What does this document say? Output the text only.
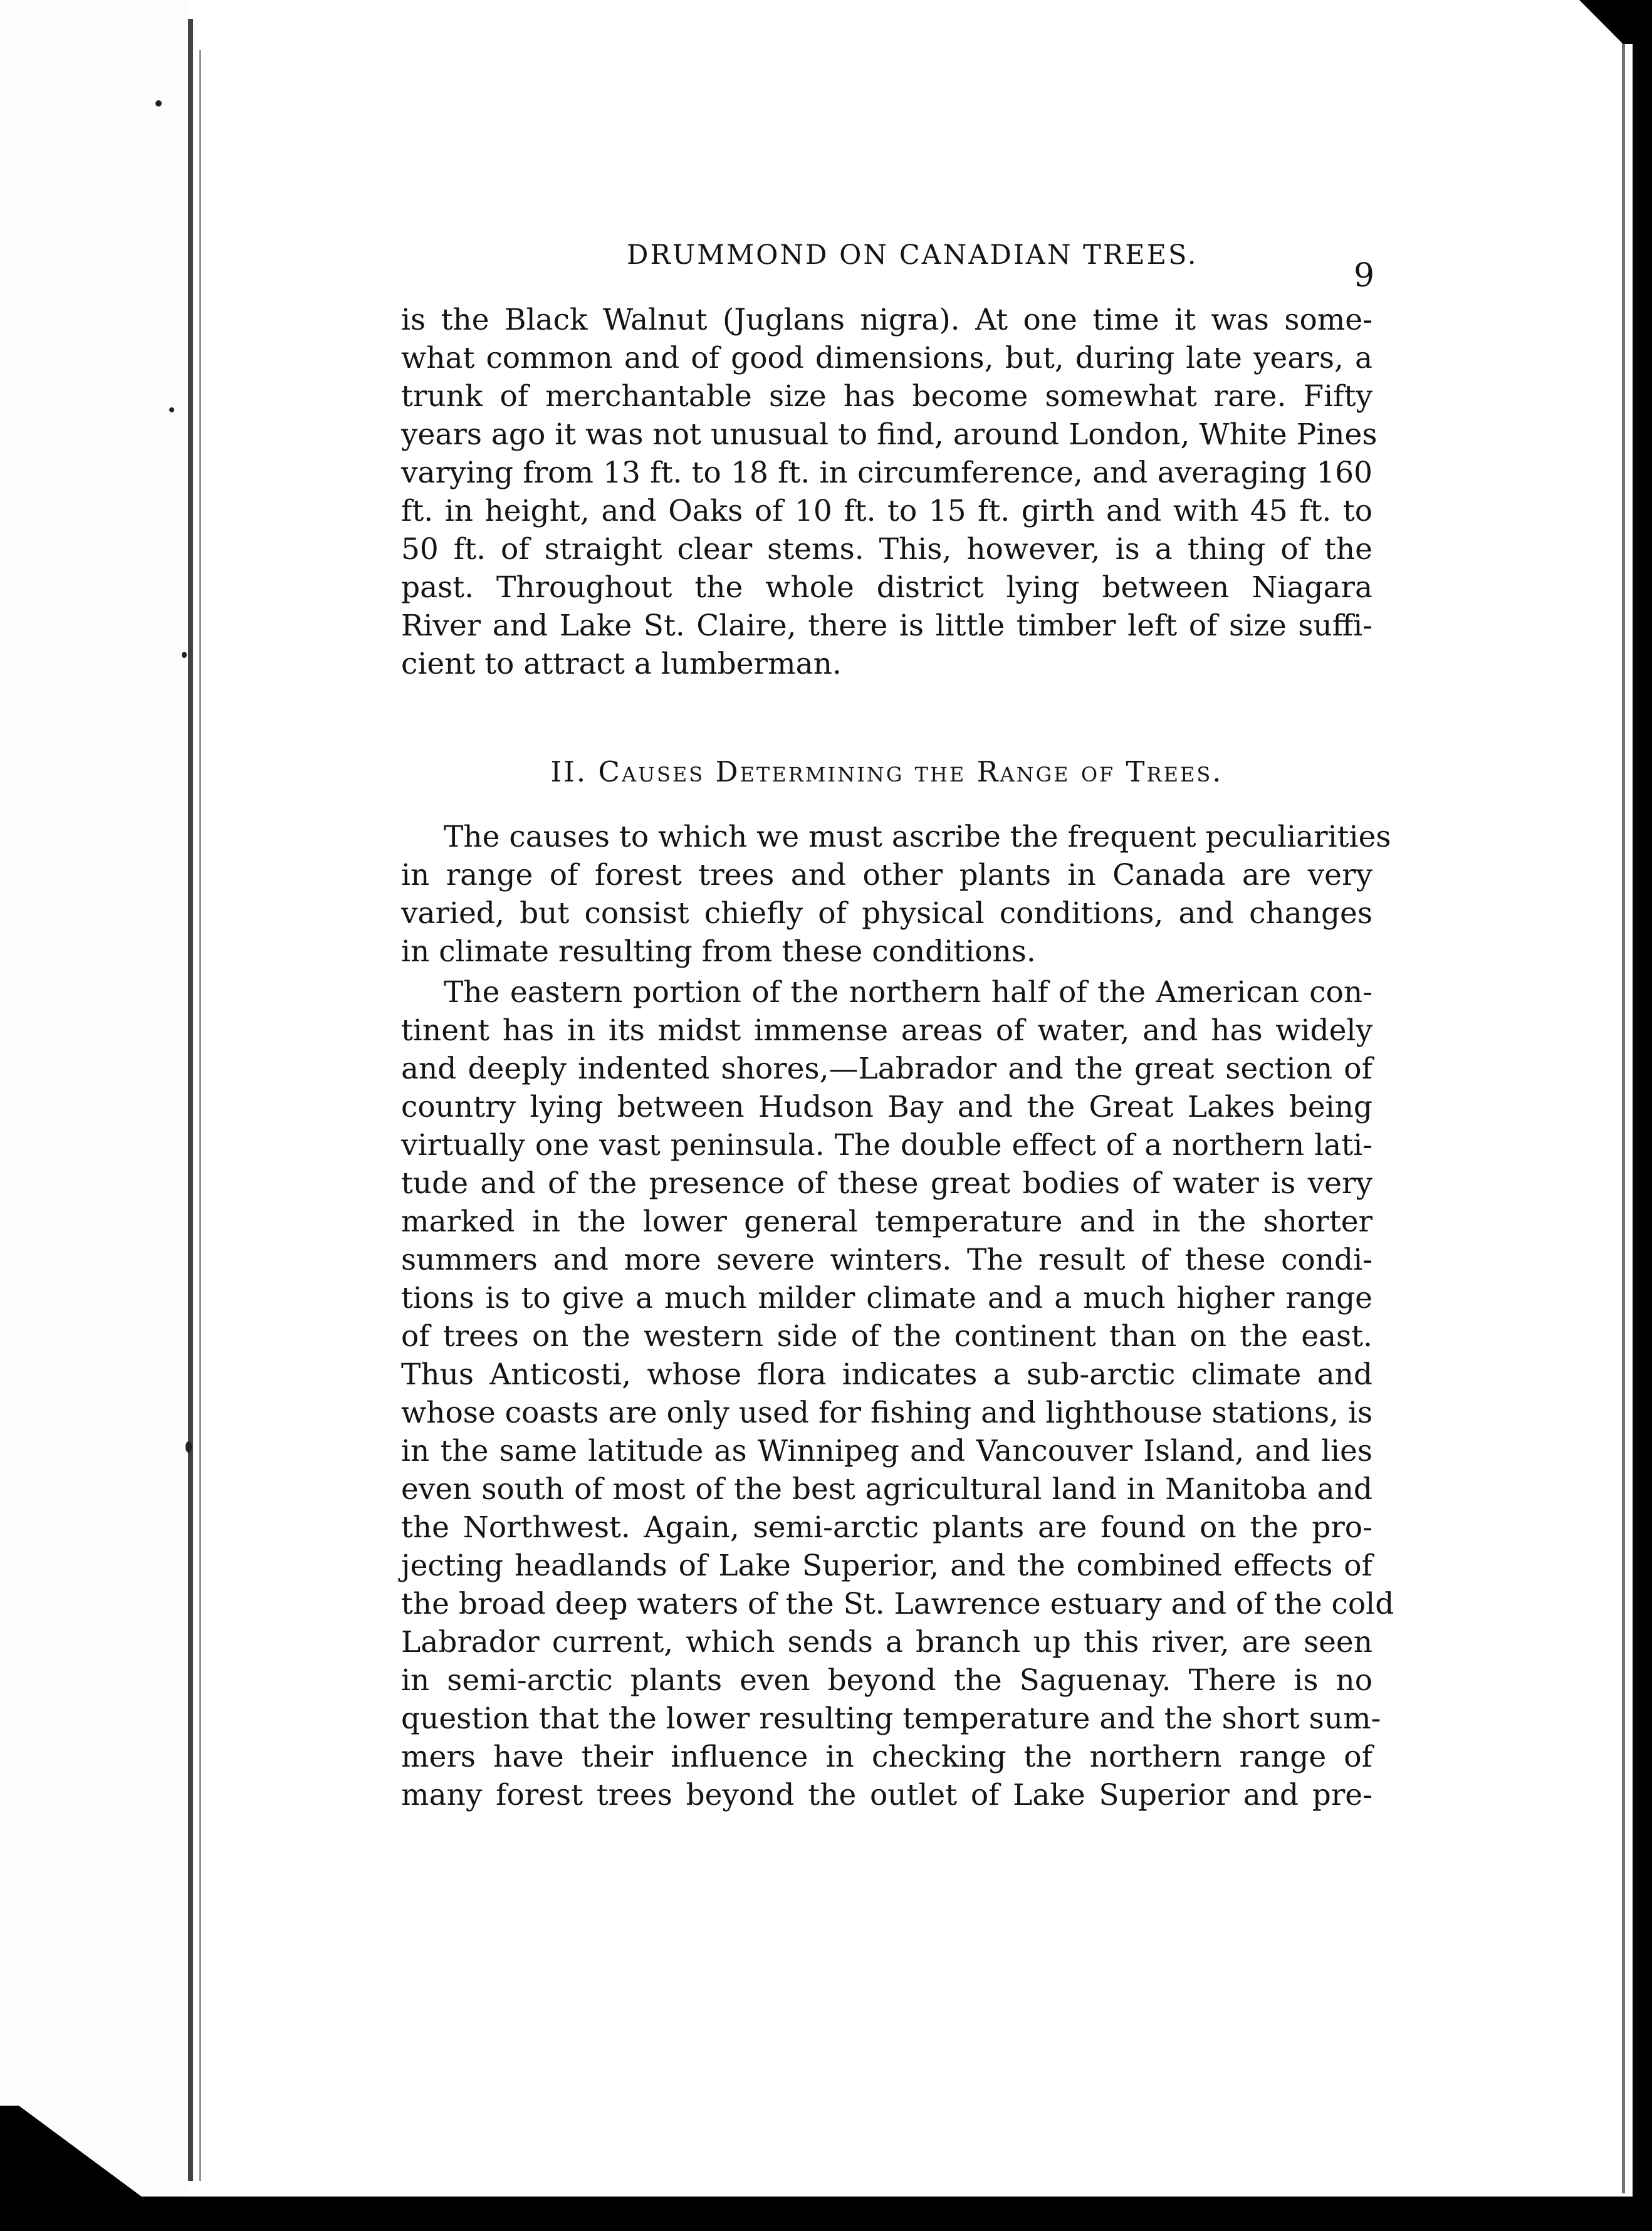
DRUMMOND ON CANADIAN TREES.
9
is the Black Walnut (Juglans nigra). At one time it was some-
what common and of good dimensions, but, during late years, a
trunk of merchantable size has become somewhat rare. Fifty
years ago it was not unusual to find, around London, White Pines
varying from 13 ft. to 18 ft. in circumference, and averaging 160
ft. in height, and Oaks of 10 ft. to 15 ft. girth and with 45 ft. to
50 ft. of straight clear stems. This, however, is a thing of the
past. Throughout the whole district lying between Niagara
River and Lake St. Claire, there is little timber left of size suffi-
cient to attract a lumberman.
II. Causes Determining the Range of Trees.
The causes to which we must ascribe the frequent peculiarities
in range of forest trees and other plants in Canada are very
varied, but consist chiefly of physical conditions, and changes
in climate resulting from these conditions.
The eastern portion of the northern half of the American con-
tinent has in its midst immense areas of water, and has widely
and deeply indented shores,—Labrador and the great section of
country lying between Hudson Bay and the Great Lakes being
virtually one vast peninsula. The double effect of a northern lati-
tude and of the presence of these great bodies of water is very
marked in the lower general temperature and in the shorter
summers and more severe winters. The result of these condi-
tions is to give a much milder climate and a much higher range
of trees on the western side of the continent than on the east.
Thus Anticosti, whose flora indicates a sub-arctic climate and
whose coasts are only used for fishing and lighthouse stations, is
in the same latitude as Winnipeg and Vancouver Island, and lies
even south of most of the best agricultural land in Manitoba and
the Northwest. Again, semi-arctic plants are found on the pro-
jecting headlands of Lake Superior, and the combined effects of
the broad deep waters of the St. Lawrence estuary and of the cold
Labrador current, which sends a branch up this river, are seen
in semi-arctic plants even beyond the Saguenay. There is no
question that the lower resulting temperature and the short sum-
mers have their influence in checking the northern range of
many forest trees beyond the outlet of Lake Superior and pre-
